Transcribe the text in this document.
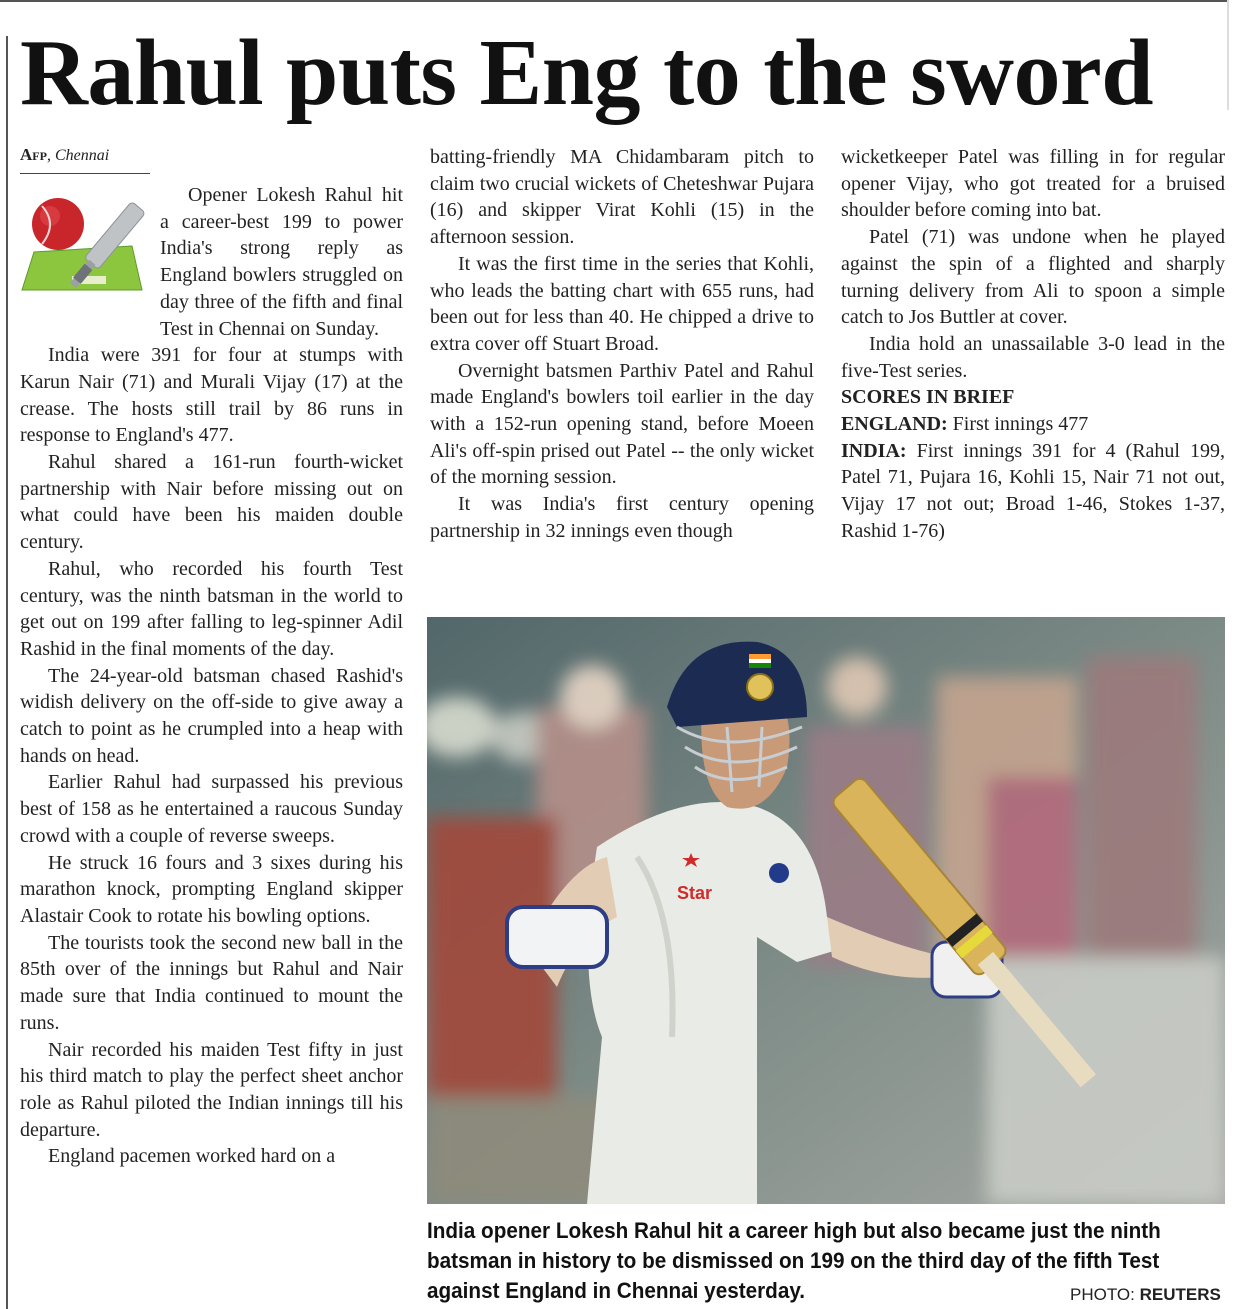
Rahul puts Eng to the sword
Afp, Chennai

Opener Lokesh Rahul hit a career-best 199 to power India's strong reply as England bowlers struggled on day three of the fifth and final Test in Chennai on Sunday.

India were 391 for four at stumps with Karun Nair (71) and Murali Vijay (17) at the crease. The hosts still trail by 86 runs in response to England's 477.

Rahul shared a 161-run fourth-wicket partnership with Nair before missing out on what could have been his maiden double century.

Rahul, who recorded his fourth Test century, was the ninth batsman in the world to get out on 199 after falling to leg-spinner Adil Rashid in the final moments of the day.

The 24-year-old batsman chased Rashid's widish delivery on the off-side to give away a catch to point as he crumpled into a heap with hands on head.

Earlier Rahul had surpassed his previous best of 158 as he entertained a raucous Sunday crowd with a couple of reverse sweeps.

He struck 16 fours and 3 sixes during his marathon knock, prompting England skipper Alastair Cook to rotate his bowling options.

The tourists took the second new ball in the 85th over of the innings but Rahul and Nair made sure that India continued to mount the runs.

Nair recorded his maiden Test fifty in just his third match to play the perfect sheet anchor role as Rahul piloted the Indian innings till his departure.

England pacemen worked hard on a

batting-friendly MA Chidambaram pitch to claim two crucial wickets of Cheteshwar Pujara (16) and skipper Virat Kohli (15) in the afternoon session.

It was the first time in the series that Kohli, who leads the batting chart with 655 runs, had been out for less than 40. He chipped a drive to extra cover off Stuart Broad.

Overnight batsmen Parthiv Patel and Rahul made England's bowlers toil earlier in the day with a 152-run opening stand, before Moeen Ali's off-spin prised out Patel -- the only wicket of the morning session.

It was India's first century opening partnership in 32 innings even though

wicketkeeper Patel was filling in for regular opener Vijay, who got treated for a bruised shoulder before coming into bat.

Patel (71) was undone when he played against the spin of a flighted and sharply turning delivery from Ali to spoon a simple catch to Jos Buttler at cover.

India hold an unassailable 3-0 lead in the five-Test series.

SCORES IN BRIEF

ENGLAND: First innings 477

INDIA: First innings 391 for 4 (Rahul 199, Patel 71, Pujara 16, Kohli 15, Nair 71 not out, Vijay 17 not out; Broad 1-46, Stokes 1-37, Rashid 1-76)

Star
India opener Lokesh Rahul hit a career high but also became just the ninth batsman in history to be dismissed on 199 on the third day of the fifth Test against England in Chennai yesterday.	PHOTO: REUTERS
